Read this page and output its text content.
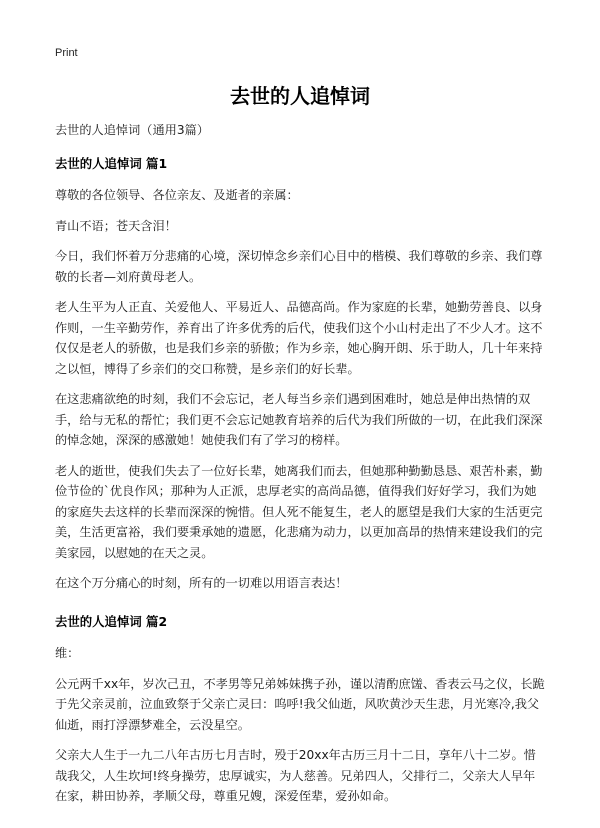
Print
去世的人追悼词

去世的人追悼词（通用3篇）

去世的人追悼词 篇1

尊敬的各位领导、各位亲友、及逝者的亲属：

青山不语；苍天含泪！

今日，我们怀着万分悲痛的心境，深切悼念乡亲们心目中的楷模、我们尊敬的乡亲、我们尊敬的长者—刘府黄母老人。

老人生平为人正直、关爱他人、平易近人、品德高尚。作为家庭的长辈，她勤劳善良、以身作则，一生辛勤劳作，养育出了许多优秀的后代，使我们这个小山村走出了不少人才。这不仅仅是老人的骄傲，也是我们乡亲的骄傲；作为乡亲，她心胸开朗、乐于助人，几十年来持之以恒，博得了乡亲们的交口称赞，是乡亲们的好长辈。

在这悲痛欲绝的时刻，我们不会忘记，老人每当乡亲们遇到困难时，她总是伸出热情的双手，给与无私的帮忙；我们更不会忘记她教育培养的后代为我们所做的一切，在此我们深深的悼念她，深深的感激她！她使我们有了学习的榜样。

老人的逝世，使我们失去了一位好长辈，她离我们而去，但她那种勤勤恳恳、艰苦朴素，勤俭节俭的`优良作风；那种为人正派，忠厚老实的高尚品德，值得我们好好学习，我们为她的家庭失去这样的长辈而深深的惋惜。但人死不能复生，老人的愿望是我们大家的生活更完美，生活更富裕，我们要秉承她的遗愿，化悲痛为动力，以更加高昂的热情来建设我们的完美家园，以慰她的在天之灵。

在这个万分痛心的时刻，所有的一切难以用语言表达！

去世的人追悼词 篇2

维：

公元两千xx年，岁次己丑，不孝男等兄弟姊妹携子孙，谨以清酌庶馐、香表云马之仪，长跪于先父亲灵前，泣血致祭于父亲亡灵曰：呜呼!我父仙逝，风吹黄沙天生悲，月光寒冷,我父仙逝，雨打浮漂梦难全，云没星空。

父亲大人生于一九二八年古历七月吉时，殁于20xx年古历三月十二日，享年八十二岁。惜哉我父，人生坎坷!终身操劳，忠厚诚实，为人慈善。兄弟四人，父排行二，父亲大人早年在家，耕田协养，孝顺父母，尊重兄嫂，深爱侄辈，爱孙如命。
